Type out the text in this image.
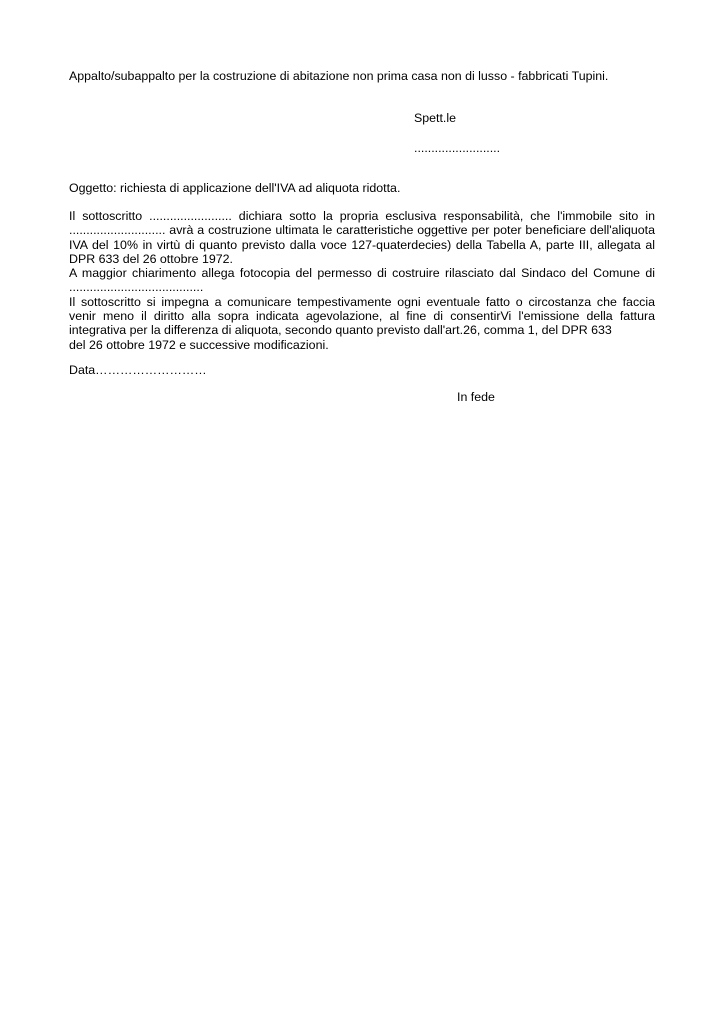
Appalto/subappalto per la costruzione di abitazione non prima casa non di lusso - fabbricati Tupini.
Spett.le
.........................
Oggetto: richiesta di applicazione dell'IVA ad aliquota ridotta.

Il sottoscritto ........................ dichiara sotto la propria esclusiva responsabilità, che l'immobile sito in ............................ avrà a costruzione ultimata le caratteristiche oggettive per poter beneficiare dell'aliquota IVA del 10% in virtù di quanto previsto dalla voce 127-quaterdecies) della Tabella A, parte III, allegata al DPR 633 del 26 ottobre 1972.

A maggior chiarimento allega fotocopia del permesso di costruire rilasciato dal Sindaco del Comune di .......................................

Il sottoscritto si impegna a comunicare tempestivamente ogni eventuale fatto o circostanza che faccia venir meno il diritto alla sopra indicata agevolazione, al fine di consentirVi l'emissione della fattura integrativa per la differenza di aliquota, secondo quanto previsto dall'art.26, comma 1, del DPR 633

del 26 ottobre 1972 e successive modificazioni.

Data………………………
In fede
